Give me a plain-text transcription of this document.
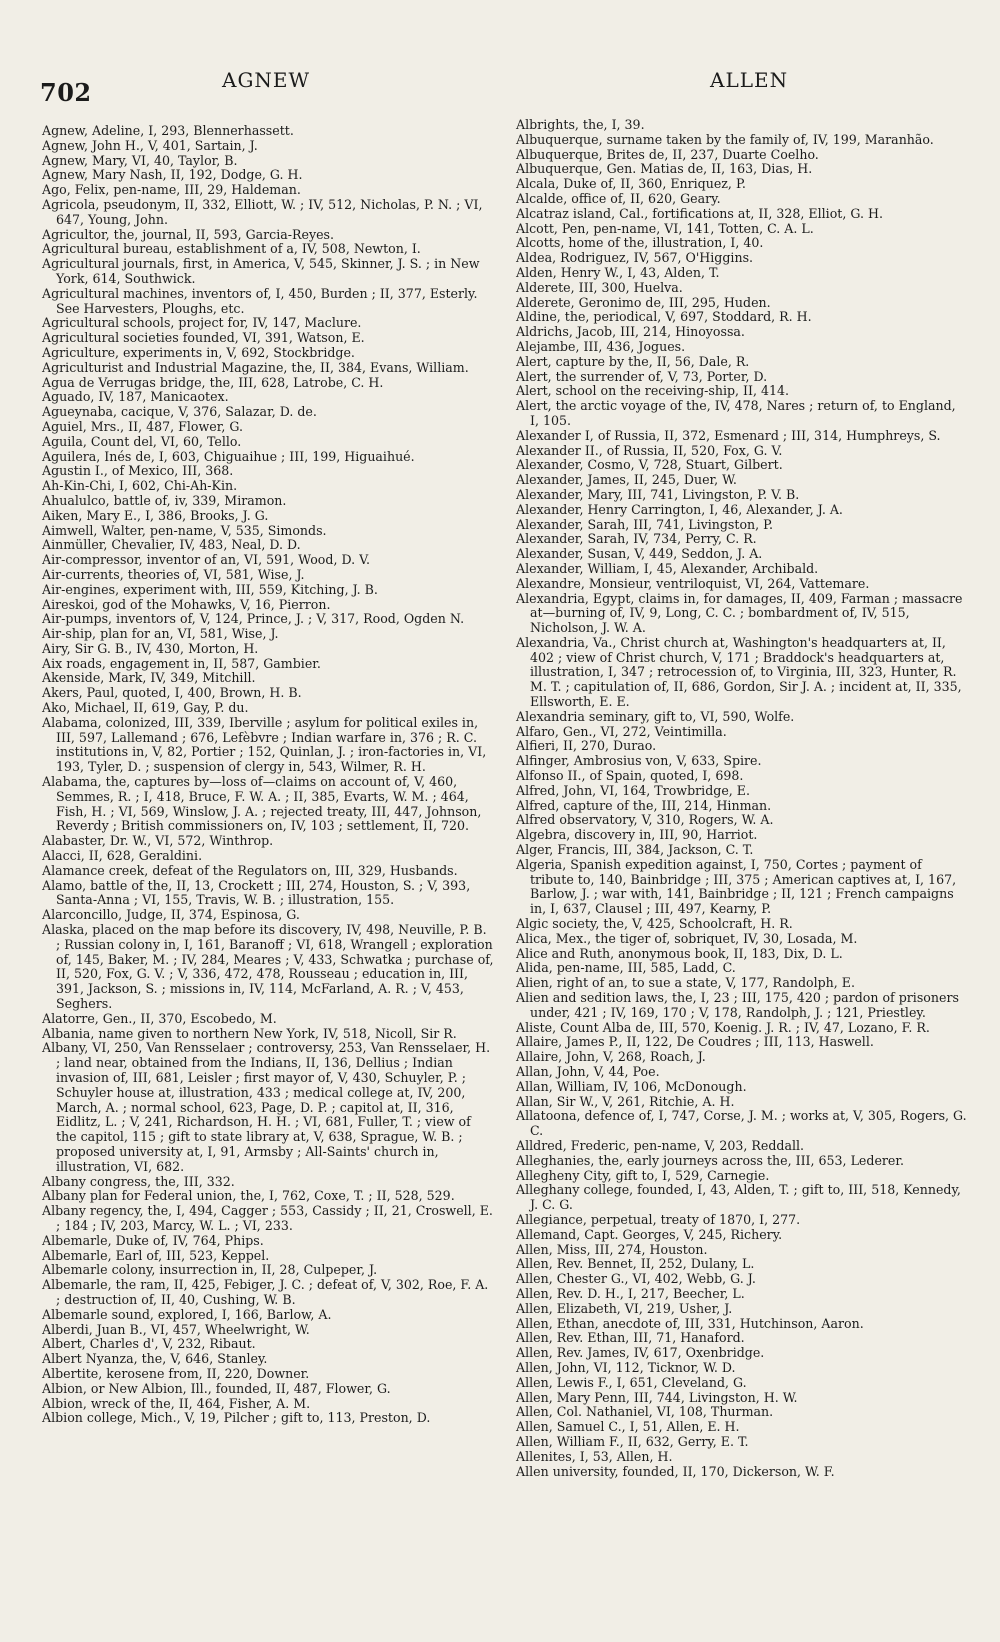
702	AGNEW	ALLEN

Agnew, Adeline, I, 293, Blennerhassett.

Agnew, John H., V, 401, Sartain, J.

Agnew, Mary, VI, 40, Taylor, B.

Agnew, Mary Nash, II, 192, Dodge, G. H.

Ago, Felix, pen-name, III, 29, Haldeman.

Agricola, pseudonym, II, 332, Elliott, W. ; IV, 512, Nicholas, P. N. ; VI, 647, Young, John.

Agricultor, the, journal, II, 593, Garcia-Reyes.

Agricultural bureau, establishment of a, IV, 508, Newton, I.

Agricultural journals, first, in America, V, 545, Skinner, J. S. ; in New York, 614, Southwick.

Agricultural machines, inventors of, I, 450, Burden ; II, 377, Esterly. See Harvesters, Ploughs, etc.

Agricultural schools, project for, IV, 147, Maclure.

Agricultural societies founded, VI, 391, Watson, E.

Agriculture, experiments in, V, 692, Stockbridge.

Agriculturist and Industrial Magazine, the, II, 384, Evans, William.

Agua de Verrugas bridge, the, III, 628, Latrobe, C. H.

Aguado, IV, 187, Manicaotex.

Agueynaba, cacique, V, 376, Salazar, D. de.

Aguiel, Mrs., II, 487, Flower, G.

Aguila, Count del, VI, 60, Tello.

Aguilera, Inés de, I, 603, Chiguaihue ; III, 199, Higuaihué.

Agustin I., of Mexico, III, 368.

Ah-Kin-Chi, I, 602, Chi-Ah-Kin.

Ahualulco, battle of, iv, 339, Miramon.

Aiken, Mary E., I, 386, Brooks, J. G.

Aimwell, Walter, pen-name, V, 535, Simonds.

Ainmüller, Chevalier, IV, 483, Neal, D. D.

Air-compressor, inventor of an, VI, 591, Wood, D. V.

Air-currents, theories of, VI, 581, Wise, J.

Air-engines, experiment with, III, 559, Kitching, J. B.

Aireskoi, god of the Mohawks, V, 16, Pierron.

Air-pumps, inventors of, V, 124, Prince, J. ; V, 317, Rood, Ogden N.

Air-ship, plan for an, VI, 581, Wise, J.

Airy, Sir G. B., IV, 430, Morton, H.

Aix roads, engagement in, II, 587, Gambier.

Akenside, Mark, IV, 349, Mitchill.

Akers, Paul, quoted, I, 400, Brown, H. B.

Ako, Michael, II, 619, Gay, P. du.

Alabama, colonized, III, 339, Iberville ; asylum for political exiles in, III, 597, Lallemand ; 676, Lefèbvre ; Indian warfare in, 376 ; R. C. institutions in, V, 82, Portier ; 152, Quinlan, J. ; iron-factories in, VI, 193, Tyler, D. ; suspension of clergy in, 543, Wilmer, R. H.

Alabama, the, captures by—loss of—claims on account of, V, 460, Semmes, R. ; I, 418, Bruce, F. W. A. ; II, 385, Evarts, W. M. ; 464, Fish, H. ; VI, 569, Winslow, J. A. ; rejected treaty, III, 447, Johnson, Reverdy ; British commissioners on, IV, 103 ; settlement, II, 720.

Alabaster, Dr. W., VI, 572, Winthrop.

Alacci, II, 628, Geraldini.

Alamance creek, defeat of the Regulators on, III, 329, Husbands.

Alamo, battle of the, II, 13, Crockett ; III, 274, Houston, S. ; V, 393, Santa-Anna ; VI, 155, Travis, W. B. ; illustration, 155.

Alarconcillo, Judge, II, 374, Espinosa, G.

Alaska, placed on the map before its discovery, IV, 498, Neuville, P. B. ; Russian colony in, I, 161, Baranoff ; VI, 618, Wrangell ; exploration of, 145, Baker, M. ; IV, 284, Meares ; V, 433, Schwatka ; purchase of, II, 520, Fox, G. V. ; V, 336, 472, 478, Rousseau ; education in, III, 391, Jackson, S. ; missions in, IV, 114, McFarland, A. R. ; V, 453, Seghers.

Alatorre, Gen., II, 370, Escobedo, M.

Albania, name given to northern New York, IV, 518, Nicoll, Sir R.

Albany, VI, 250, Van Rensselaer ; controversy, 253, Van Rensselaer, H. ; land near, obtained from the Indians, II, 136, Dellius ; Indian invasion of, III, 681, Leisler ; first mayor of, V, 430, Schuyler, P. ; Schuyler house at, illustration, 433 ; medical college at, IV, 200, March, A. ; normal school, 623, Page, D. P. ; capitol at, II, 316, Eidlitz, L. ; V, 241, Richardson, H. H. ; VI, 681, Fuller, T. ; view of the capitol, 115 ; gift to state library at, V, 638, Sprague, W. B. ; proposed university at, I, 91, Armsby ; All-Saints' church in, illustration, VI, 682.

Albany congress, the, III, 332.

Albany plan for Federal union, the, I, 762, Coxe, T. ; II, 528, 529.

Albany regency, the, I, 494, Cagger ; 553, Cassidy ; II, 21, Croswell, E. ; 184 ; IV, 203, Marcy, W. L. ; VI, 233.

Albemarle, Duke of, IV, 764, Phips.

Albemarle, Earl of, III, 523, Keppel.

Albemarle colony, insurrection in, II, 28, Culpeper, J.

Albemarle, the ram, II, 425, Febiger, J. C. ; defeat of, V, 302, Roe, F. A. ; destruction of, II, 40, Cushing, W. B.

Albemarle sound, explored, I, 166, Barlow, A.

Alberdi, Juan B., VI, 457, Wheelwright, W.

Albert, Charles d', V, 232, Ribaut.

Albert Nyanza, the, V, 646, Stanley.

Albertite, kerosene from, II, 220, Downer.

Albion, or New Albion, Ill., founded, II, 487, Flower, G.

Albion, wreck of the, II, 464, Fisher, A. M.

Albion college, Mich., V, 19, Pilcher ; gift to, 113, Preston, D.

Albrights, the, I, 39.

Albuquerque, surname taken by the family of, IV, 199, Maranhão.

Albuquerque, Brites de, II, 237, Duarte Coelho.

Albuquerque, Gen. Matias de, II, 163, Dias, H.

Alcala, Duke of, II, 360, Enriquez, P.

Alcalde, office of, II, 620, Geary.

Alcatraz island, Cal., fortifications at, II, 328, Elliot, G. H.

Alcott, Pen, pen-name, VI, 141, Totten, C. A. L.

Alcotts, home of the, illustration, I, 40.

Aldea, Rodriguez, IV, 567, O'Higgins.

Alden, Henry W., I, 43, Alden, T.

Alderete, III, 300, Huelva.

Alderete, Geronimo de, III, 295, Huden.

Aldine, the, periodical, V, 697, Stoddard, R. H.

Aldrichs, Jacob, III, 214, Hinoyossa.

Alejambe, III, 436, Jogues.

Alert, capture by the, II, 56, Dale, R.

Alert, the surrender of, V, 73, Porter, D.

Alert, school on the receiving-ship, II, 414.

Alert, the arctic voyage of the, IV, 478, Nares ; return of, to England, I, 105.

Alexander I, of Russia, II, 372, Esmenard ; III, 314, Humphreys, S.

Alexander II., of Russia, II, 520, Fox, G. V.

Alexander, Cosmo, V, 728, Stuart, Gilbert.

Alexander, James, II, 245, Duer, W.

Alexander, Mary, III, 741, Livingston, P. V. B.

Alexander, Henry Carrington, I, 46, Alexander, J. A.

Alexander, Sarah, III, 741, Livingston, P.

Alexander, Sarah, IV, 734, Perry, C. R.

Alexander, Susan, V, 449, Seddon, J. A.

Alexander, William, I, 45, Alexander, Archibald.

Alexandre, Monsieur, ventriloquist, VI, 264, Vattemare.

Alexandria, Egypt, claims in, for damages, II, 409, Farman ; massacre at—burning of, IV, 9, Long, C. C. ; bombardment of, IV, 515, Nicholson, J. W. A.

Alexandria, Va., Christ church at, Washington's headquarters at, II, 402 ; view of Christ church, V, 171 ; Braddock's headquarters at, illustration, I, 347 ; retrocession of, to Virginia, III, 323, Hunter, R. M. T. ; capitulation of, II, 686, Gordon, Sir J. A. ; incident at, II, 335, Ellsworth, E. E.

Alexandria seminary, gift to, VI, 590, Wolfe.

Alfaro, Gen., VI, 272, Veintimilla.

Alfieri, II, 270, Durao.

Alfinger, Ambrosius von, V, 633, Spire.

Alfonso II., of Spain, quoted, I, 698.

Alfred, John, VI, 164, Trowbridge, E.

Alfred, capture of the, III, 214, Hinman.

Alfred observatory, V, 310, Rogers, W. A.

Algebra, discovery in, III, 90, Harriot.

Alger, Francis, III, 384, Jackson, C. T.

Algeria, Spanish expedition against, I, 750, Cortes ; payment of tribute to, 140, Bainbridge ; III, 375 ; American captives at, I, 167, Barlow, J. ; war with, 141, Bainbridge ; II, 121 ; French campaigns in, I, 637, Clausel ; III, 497, Kearny, P.

Algic society, the, V, 425, Schoolcraft, H. R.

Alica, Mex., the tiger of, sobriquet, IV, 30, Losada, M.

Alice and Ruth, anonymous book, II, 183, Dix, D. L.

Alida, pen-name, III, 585, Ladd, C.

Alien, right of an, to sue a state, V, 177, Randolph, E.

Alien and sedition laws, the, I, 23 ; III, 175, 420 ; pardon of prisoners under, 421 ; IV, 169, 170 ; V, 178, Randolph, J. ; 121, Priestley.

Aliste, Count Alba de, III, 570, Koenig. J. R. ; IV, 47, Lozano, F. R.

Allaire, James P., II, 122, De Coudres ; III, 113, Haswell.

Allaire, John, V, 268, Roach, J.

Allan, John, V, 44, Poe.

Allan, William, IV, 106, McDonough.

Allan, Sir W., V, 261, Ritchie, A. H.

Allatoona, defence of, I, 747, Corse, J. M. ; works at, V, 305, Rogers, G. C.

Alldred, Frederic, pen-name, V, 203, Reddall.

Alleghanies, the, early journeys across the, III, 653, Lederer.

Allegheny City, gift to, I, 529, Carnegie.

Alleghany college, founded, I, 43, Alden, T. ; gift to, III, 518, Kennedy, J. C. G.

Allegiance, perpetual, treaty of 1870, I, 277.

Allemand, Capt. Georges, V, 245, Richery.

Allen, Miss, III, 274, Houston.

Allen, Rev. Bennet, II, 252, Dulany, L.

Allen, Chester G., VI, 402, Webb, G. J.

Allen, Rev. D. H., I, 217, Beecher, L.

Allen, Elizabeth, VI, 219, Usher, J.

Allen, Ethan, anecdote of, III, 331, Hutchinson, Aaron.

Allen, Rev. Ethan, III, 71, Hanaford.

Allen, Rev. James, IV, 617, Oxenbridge.

Allen, John, VI, 112, Ticknor, W. D.

Allen, Lewis F., I, 651, Cleveland, G.

Allen, Mary Penn, III, 744, Livingston, H. W.

Allen, Col. Nathaniel, VI, 108, Thurman.

Allen, Samuel C., I, 51, Allen, E. H.

Allen, William F., II, 632, Gerry, E. T.

Allenites, I, 53, Allen, H.

Allen university, founded, II, 170, Dickerson, W. F.
